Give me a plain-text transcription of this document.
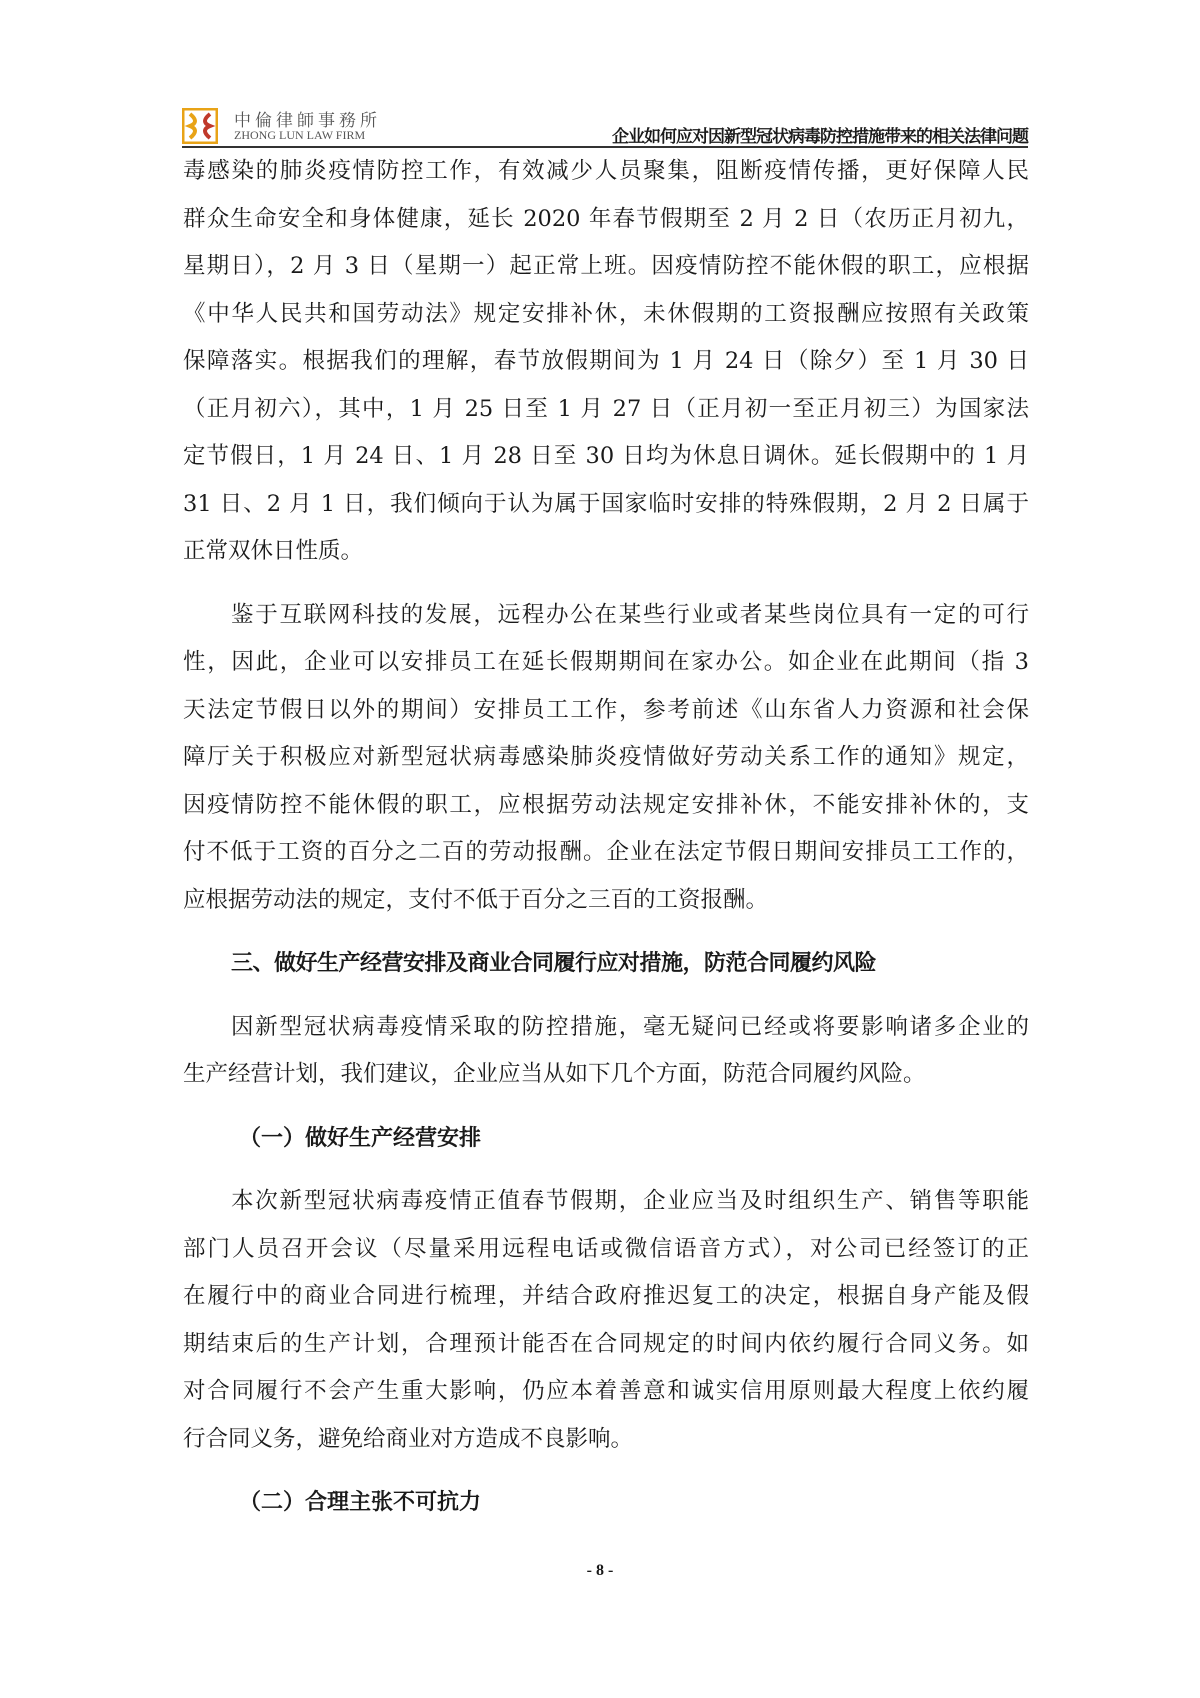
中倫律師事務所
ZHONG LUN LAW FIRM	企业如何应对因新型冠状病毒防控措施带来的相关法律问题
毒感染的肺炎疫情防控工作，有效减少人员聚集，阻断疫情传播，更好保障人民
群众生命安全和身体健康，延长 2020 年春节假期至 2 月 2 日（农历正月初九，
星期日），2 月 3 日（星期一）起正常上班。因疫情防控不能休假的职工，应根据
《中华人民共和国劳动法》规定安排补休，未休假期的工资报酬应按照有关政策
保障落实。根据我们的理解，春节放假期间为 1 月 24 日（除夕）至 1 月 30 日
（正月初六），其中，1 月 25 日至 1 月 27 日（正月初一至正月初三）为国家法
定节假日，1 月 24 日、1 月 28 日至 30 日均为休息日调休。延长假期中的 1 月
31 日、2 月 1 日，我们倾向于认为属于国家临时安排的特殊假期，2 月 2 日属于
正常双休日性质。
鉴于互联网科技的发展，远程办公在某些行业或者某些岗位具有一定的可行
性，因此，企业可以安排员工在延长假期期间在家办公。如企业在此期间（指 3
天法定节假日以外的期间）安排员工工作，参考前述《山东省人力资源和社会保
障厅关于积极应对新型冠状病毒感染肺炎疫情做好劳动关系工作的通知》规定，
因疫情防控不能休假的职工，应根据劳动法规定安排补休，不能安排补休的，支
付不低于工资的百分之二百的劳动报酬。企业在法定节假日期间安排员工工作的，
应根据劳动法的规定，支付不低于百分之三百的工资报酬。
三、做好生产经营安排及商业合同履行应对措施，防范合同履约风险
因新型冠状病毒疫情采取的防控措施，毫无疑问已经或将要影响诸多企业的
生产经营计划，我们建议，企业应当从如下几个方面，防范合同履约风险。
（一）做好生产经营安排
本次新型冠状病毒疫情正值春节假期，企业应当及时组织生产、销售等职能
部门人员召开会议（尽量采用远程电话或微信语音方式），对公司已经签订的正
在履行中的商业合同进行梳理，并结合政府推迟复工的决定，根据自身产能及假
期结束后的生产计划，合理预计能否在合同规定的时间内依约履行合同义务。如
对合同履行不会产生重大影响，仍应本着善意和诚实信用原则最大程度上依约履
行合同义务，避免给商业对方造成不良影响。
（二）合理主张不可抗力
- 8 -
